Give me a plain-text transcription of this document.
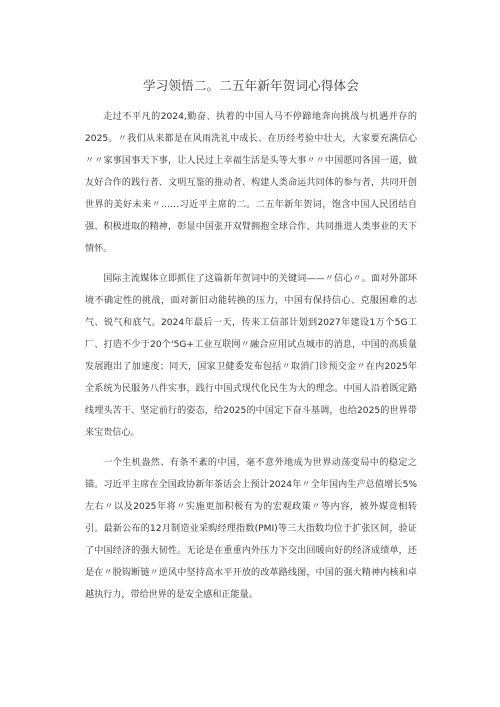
学习领悟二。二五年新年贺词心得体会

走过不平凡的2024,勤奋、执着的中国人马不停蹄地奔向挑战与机遇并存的2025。〃我们从来都是在风雨洗礼中成长、在历经考验中壮大，大家要充满信心〃〃家事国事天下事，让人民过上幸福生活是头等大事〃〃中国愿同各国一道，做友好合作的践行者、文明互鉴的推动者、构建人类命运共同体的参与者，共同开创世界的美好未来〃……习近平主席的二。二五年新年贺词，饱含中国人民团结自强、积极进取的精神，彰显中国张开双臂拥抱全球合作、共同推进人类事业的天下情怀。

国际主流媒体立即抓住了这篇新年贺词中的关键词——〃信心〃。面对外部环境不确定性的挑战，面对新旧动能转换的压力，中国有保持信心、克服困难的志气、锐气和底气。2024年最后一天，传来工信部计划到2027年建设1万个5G工厂、打造不少于20个'5G+工业互联网〃融合应用试点城市的消息，中国的高质量发展跑出了加速度；同天，国家卫健委发布包括〃取消门诊预交金〃在内2025年全系统为民服务八件实事，践行中国式现代化民生为大的理念。中国人沿着既定路线埋头苦干、坚定前行的姿态，给2025的中国定下奋斗基调，也给2025的世界带来宝贵信心。

一个生机盎然、有条不紊的中国，毫不意外地成为世界动荡变局中的稳定之锚。习近平主席在全国政协新年茶话会上预计2024年〃全年国内生产总值增长5%左右〃以及2025年将〃实施更加积极有为的宏观政策〃等内容，被外媒竞相转引。最新公布的12月制造业采购经理指数(PMI)等三大指数均位于扩张区间，验证了中国经济的强大韧性。无论是在重重内外压力下交出回暖向好的经济成绩单，还是在〃脱钩断链〃逆风中坚持高水平开放的改革路线图，中国的强大精神内核和卓越执行力，带给世界的是安全感和正能量。
